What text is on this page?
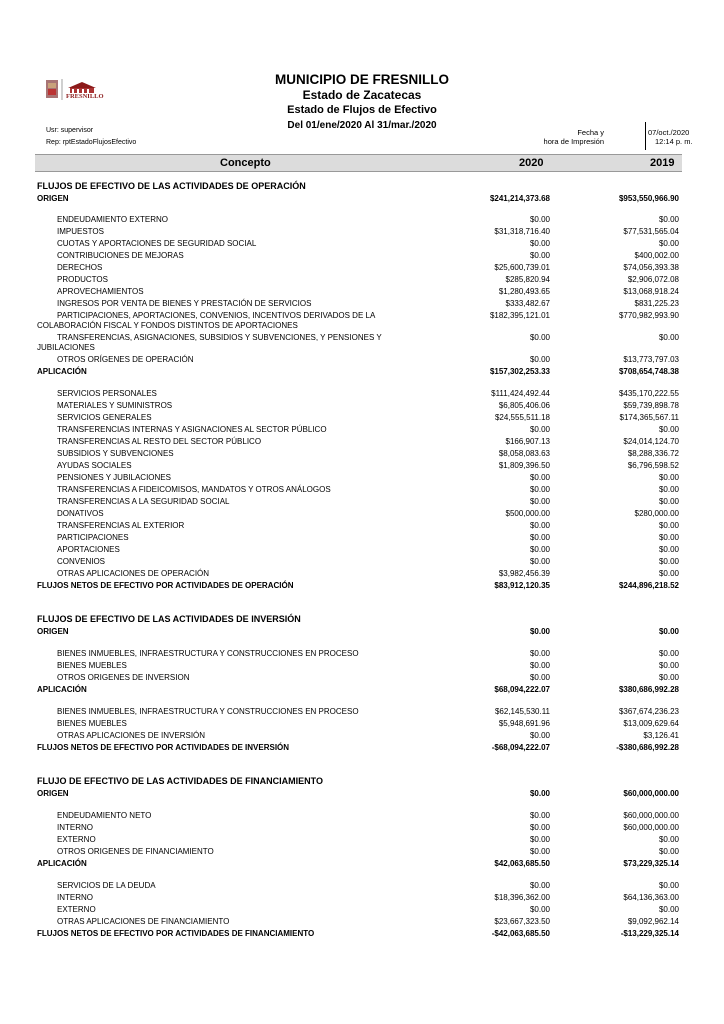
FRESNILLO
MUNICIPIO DE FRESNILLO
Estado de Zacatecas
Estado de Flujos de Efectivo
Del 01/ene/2020 Al 31/mar./2020
Usr: supervisor
Rep: rptEstadoFlujosEfectivo
Fecha y
hora de Impresión
07/oct./2020
12:14 p. m.
Concepto	2020	2019
FLUJOS DE EFECTIVO DE LAS ACTIVIDADES DE OPERACIÓN
ORIGEN	$241,214,373.68	$953,550,966.90
ENDEUDAMIENTO EXTERNO	$0.00	$0.00
IMPUESTOS	$31,318,716.40	$77,531,565.04
CUOTAS Y APORTACIONES DE SEGURIDAD SOCIAL	$0.00	$0.00
CONTRIBUCIONES DE MEJORAS	$0.00	$400,002.00
DERECHOS	$25,600,739.01	$74,056,393.38
PRODUCTOS	$285,820.94	$2,906,072.08
APROVECHAMIENTOS	$1,280,493.65	$13,068,918.24
INGRESOS POR VENTA DE BIENES Y PRESTACIÓN DE SERVICIOS	$333,482.67	$831,225.23
PARTICIPACIONES, APORTACIONES, CONVENIOS, INCENTIVOS DERIVADOS DE LA	$182,395,121.01	$770,982,993.90
COLABORACIÓN FISCAL Y FONDOS DISTINTOS DE APORTACIONES
TRANSFERENCIAS, ASIGNACIONES, SUBSIDIOS Y SUBVENCIONES, Y PENSIONES Y	$0.00	$0.00
JUBILACIONES
OTROS ORÍGENES DE OPERACIÓN	$0.00	$13,773,797.03
APLICACIÓN	$157,302,253.33	$708,654,748.38
SERVICIOS PERSONALES	$111,424,492.44	$435,170,222.55
MATERIALES Y SUMINISTROS	$6,805,406.06	$59,739,898.78
SERVICIOS GENERALES	$24,555,511.18	$174,365,567.11
TRANSFERENCIAS INTERNAS Y ASIGNACIONES AL SECTOR PÚBLICO	$0.00	$0.00
TRANSFERENCIAS AL RESTO DEL SECTOR PÚBLICO	$166,907.13	$24,014,124.70
SUBSIDIOS Y SUBVENCIONES	$8,058,083.63	$8,288,336.72
AYUDAS SOCIALES	$1,809,396.50	$6,796,598.52
PENSIONES Y JUBILACIONES	$0.00	$0.00
TRANSFERENCIAS A FIDEICOMISOS, MANDATOS Y OTROS ANÁLOGOS	$0.00	$0.00
TRANSFERENCIAS A LA SEGURIDAD SOCIAL	$0.00	$0.00
DONATIVOS	$500,000.00	$280,000.00
TRANSFERENCIAS AL EXTERIOR	$0.00	$0.00
PARTICIPACIONES	$0.00	$0.00
APORTACIONES	$0.00	$0.00
CONVENIOS	$0.00	$0.00
OTRAS APLICACIONES DE OPERACIÓN	$3,982,456.39	$0.00
FLUJOS NETOS DE EFECTIVO POR ACTIVIDADES DE OPERACIÓN	$83,912,120.35	$244,896,218.52
FLUJOS DE EFECTIVO DE LAS ACTIVIDADES DE INVERSIÓN
ORIGEN	$0.00	$0.00
BIENES INMUEBLES, INFRAESTRUCTURA Y CONSTRUCCIONES EN PROCESO	$0.00	$0.00
BIENES MUEBLES	$0.00	$0.00
OTROS ORIGENES DE INVERSION	$0.00	$0.00
APLICACIÓN	$68,094,222.07	$380,686,992.28
BIENES INMUEBLES, INFRAESTRUCTURA Y CONSTRUCCIONES EN PROCESO	$62,145,530.11	$367,674,236.23
BIENES MUEBLES	$5,948,691.96	$13,009,629.64
OTRAS APLICACIONES DE INVERSIÓN	$0.00	$3,126.41
FLUJOS NETOS DE EFECTIVO POR ACTIVIDADES DE INVERSIÓN	-$68,094,222.07	-$380,686,992.28
FLUJO DE EFECTIVO DE LAS ACTIVIDADES DE FINANCIAMIENTO
ORIGEN	$0.00	$60,000,000.00
ENDEUDAMIENTO NETO	$0.00	$60,000,000.00
INTERNO	$0.00	$60,000,000.00
EXTERNO	$0.00	$0.00
OTROS ORIGENES DE FINANCIAMIENTO	$0.00	$0.00
APLICACIÓN	$42,063,685.50	$73,229,325.14
SERVICIOS DE LA DEUDA	$0.00	$0.00
INTERNO	$18,396,362.00	$64,136,363.00
EXTERNO	$0.00	$0.00
OTRAS APLICACIONES DE FINANCIAMIENTO	$23,667,323.50	$9,092,962.14
FLUJOS NETOS DE EFECTIVO POR ACTIVIDADES DE FINANCIAMIENTO	-$42,063,685.50	-$13,229,325.14
